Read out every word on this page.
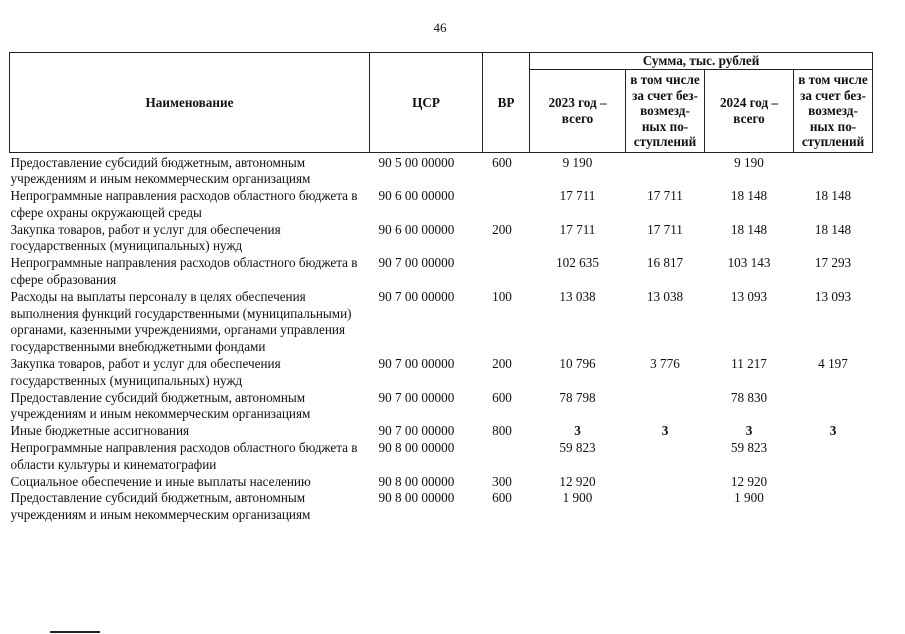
46
Наименование	ЦСР	ВР	Сумма, тыс. рублей			
			2023 год – всего	в том числе за счет без-возмезд-ных по-ступлений	2024 год – всего	в том числе за счет без-возмезд-ных по-ступлений
Предоставление субсидий бюджетным, автономным учреждениям и иным некоммерческим организациям	90 5 00 00000	600	9 190		9 190	
Непрограммные направления расходов областного бюджета в сфере охраны окружающей среды	90 6 00 00000		17 711	17 711	18 148	18 148
Закупка товаров, работ и услуг для обеспечения государственных (муниципальных) нужд	90 6 00 00000	200	17 711	17 711	18 148	18 148
Непрограммные направления расходов областного бюджета в сфере образования	90 7 00 00000		102 635	16 817	103 143	17 293
Расходы на выплаты персоналу в целях обеспечения выполнения функций государственными (муниципальными) органами, казенными учреждениями, органами управления государственными внебюджетными фондами	90 7 00 00000	100	13 038	13 038	13 093	13 093
Закупка товаров, работ и услуг для обеспечения государственных (муниципальных) нужд	90 7 00 00000	200	10 796	3 776	11 217	4 197
Предоставление субсидий бюджетным, автономным учреждениям и иным некоммерческим организациям	90 7 00 00000	600	78 798		78 830	
Иные бюджетные ассигнования	90 7 00 00000	800	3	3	3	3
Непрограммные направления расходов областного бюджета в области культуры и кинематографии	90 8 00 00000		59 823		59 823	
Социальное обеспечение и иные выплаты населению	90 8 00 00000	300	12 920		12 920	
Предоставление субсидий бюджетным, автономным учреждениям и иным некоммерческим организациям	90 8 00 00000	600	1 900		1 900	
